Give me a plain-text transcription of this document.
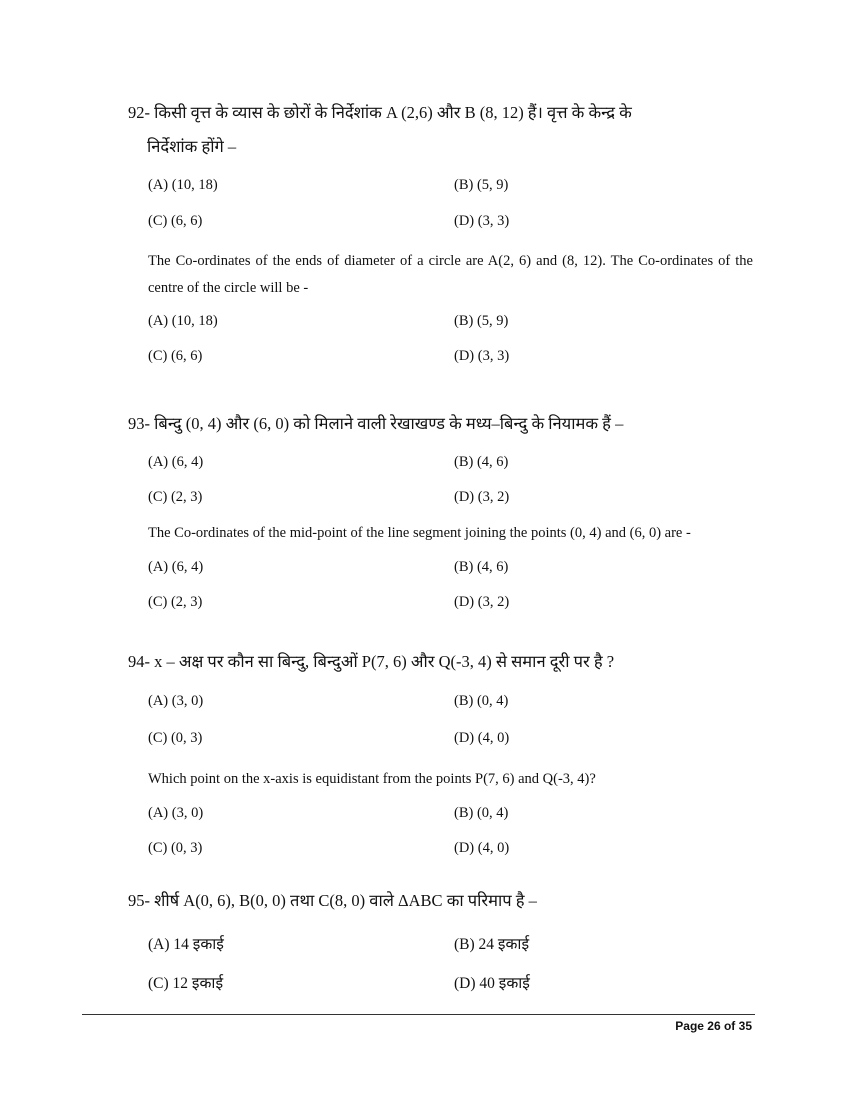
92- किसी वृत्त के व्यास के छोरों के निर्देशांक A (2,6) और B (8, 12) हैं। वृत्त के केन्द्र के
निर्देशांक होंगे –
(A) (10, 18)	(B) (5, 9)
(C) (6, 6)	(D) (3, 3)
The Co-ordinates of the ends of diameter of a circle are A(2, 6) and (8, 12). The Co-ordinates of the centre of the circle will be -
(A) (10, 18)	(B) (5, 9)
(C) (6, 6)	(D) (3, 3)
93- बिन्दु (0, 4) और (6, 0) को मिलाने वाली रेखाखण्ड के मध्य–बिन्दु के नियामक हैं –
(A) (6, 4)	(B) (4, 6)
(C) (2, 3)	(D) (3, 2)
The Co-ordinates of the mid-point of the line segment joining the points (0, 4) and (6, 0) are -
(A) (6, 4)	(B) (4, 6)
(C) (2, 3)	(D) (3, 2)
94- x – अक्ष पर कौन सा बिन्दु, बिन्दुओं P(7, 6) और Q(-3, 4) से समान दूरी पर है ?
(A) (3, 0)	(B) (0, 4)
(C) (0, 3)	(D) (4, 0)
Which point on the x-axis is equidistant from the points P(7, 6) and Q(-3, 4)?
(A) (3, 0)	(B) (0, 4)
(C) (0, 3)	(D) (4, 0)
95- शीर्ष A(0, 6), B(0, 0) तथा C(8, 0) वाले ΔABC का परिमाप है –
(A) 14 इकाई	(B) 24 इकाई
(C) 12 इकाई	(D) 40 इकाई
Page 26 of 35
